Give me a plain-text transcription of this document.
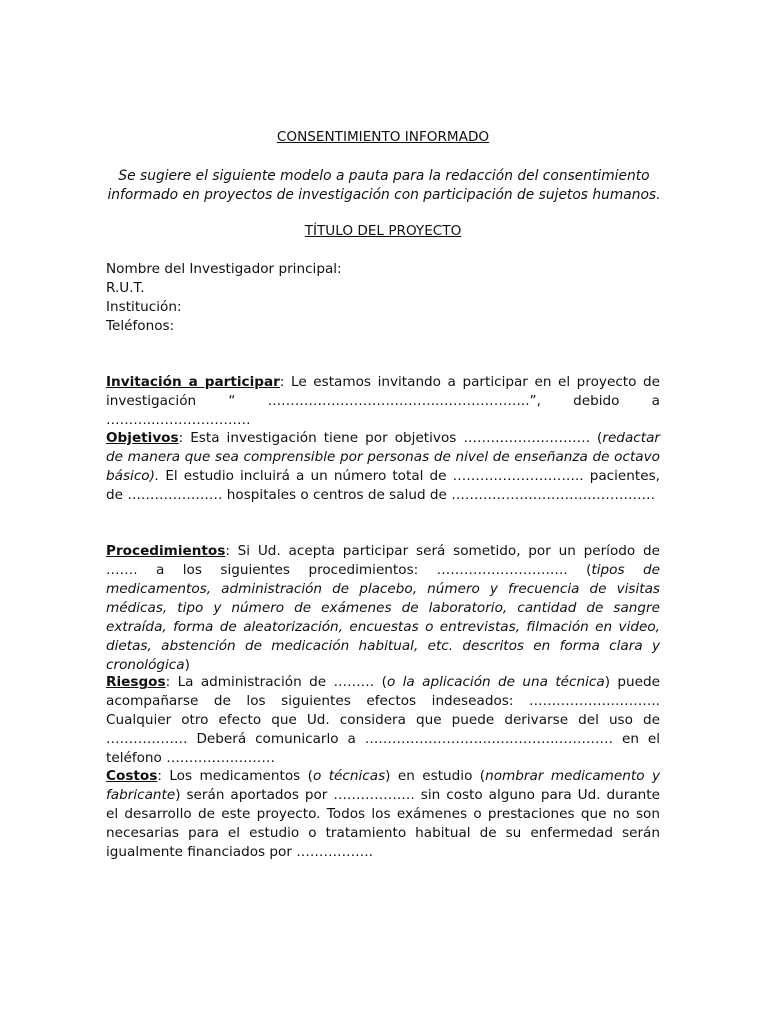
CONSENTIMIENTO INFORMADO
Se sugiere el siguiente modelo a pauta para la redacción del consentimiento informado en proyectos de investigación con participación de sujetos humanos.
TÍTULO DEL PROYECTO
Nombre del Investigador principal:
R.U.T.
Institución:
Teléfonos:
Invitación a participar: Le estamos invitando a participar en el proyecto de investigación “ ………………………………..………………..”, debido a ………..…………………
Objetivos: Esta investigación tiene por objetivos ………………………. (redactar de manera que sea comprensible por personas de nivel de enseñanza de octavo básico). El estudio incluirá a un número total de ……………………….. pacientes, de ………………… hospitales o centros de salud de ………………………………………
Procedimientos: Si Ud. acepta participar será sometido, por un período de ……. a los siguientes procedimientos: ……………………….. (tipos de medicamentos, administración de placebo, número y frecuencia de visitas médicas, tipo y número de exámenes de laboratorio, cantidad de sangre extraída, forma de aleatorización, encuestas o entrevistas, filmación en video, dietas, abstención de medicación habitual, etc. descritos en forma clara y cronológica)
Riesgos: La administración de ……… (o la aplicación de una técnica) puede acompañarse de los siguientes efectos indeseados: ……………………….. Cualquier otro efecto que Ud. considera que puede derivarse del uso de ……………… Deberá comunicarlo a ………………………..…………..………… en el teléfono ……………………
Costos: Los medicamentos (o técnicas) en estudio (nombrar medicamento y fabricante) serán aportados por ……………… sin costo alguno para Ud. durante el desarrollo de este proyecto. Todos los exámenes o prestaciones que no son necesarias para el estudio o tratamiento habitual de su enfermedad serán igualmente financiados por ……………..
